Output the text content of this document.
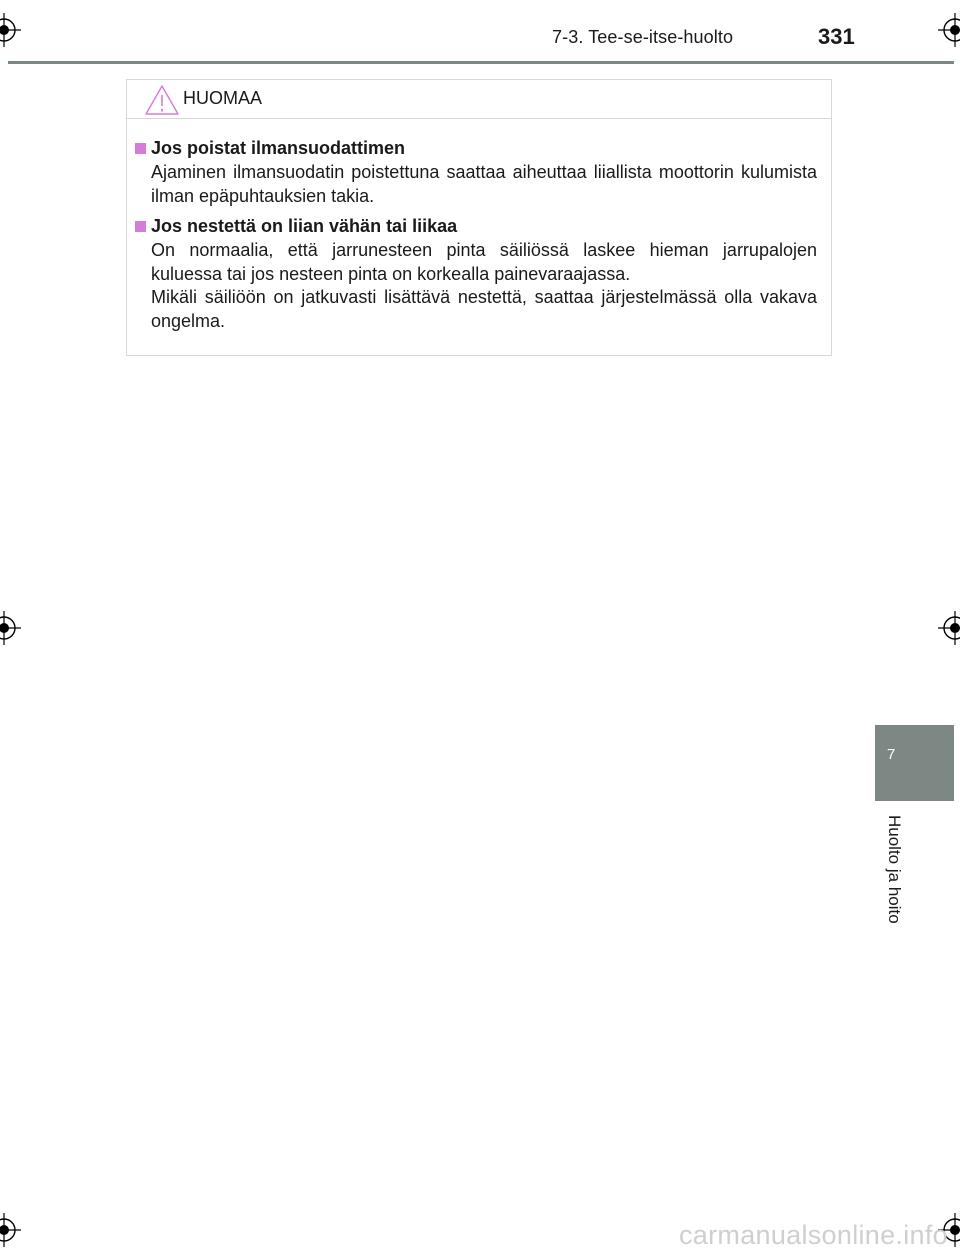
7-3. Tee-se-itse-huolto	331
HUOMAA
Jos poistat ilmansuodattimen

Ajaminen ilmansuodatin poistettuna saattaa aiheuttaa liiallista moottorin kulumista ilman epäpuhtauksien takia.

Jos nestettä on liian vähän tai liikaa

On normaalia, että jarrunesteen pinta säiliössä laskee hieman jarrupalojen kuluessa tai jos nesteen pinta on korkealla painevaraajassa.

Mikäli säiliöön on jatkuvasti lisättävä nestettä, saattaa järjestelmässä olla vakava ongelma.

7
Huolto ja hoito
carmanualsonline.info
